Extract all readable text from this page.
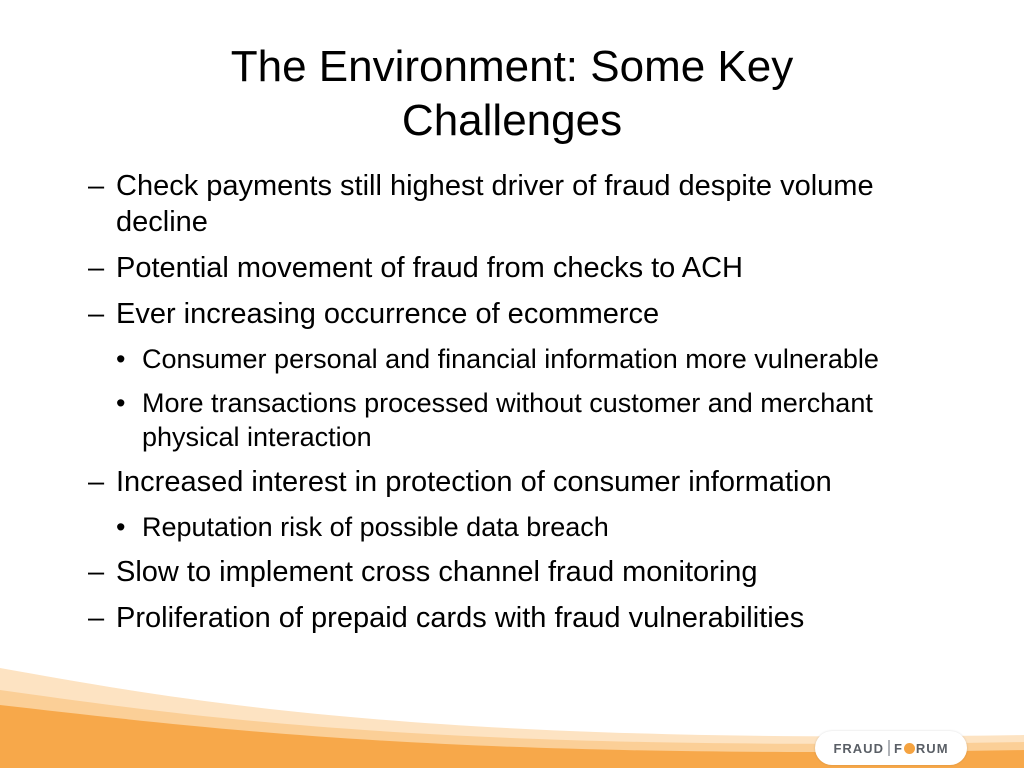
The Environment: Some Key
Challenges
– Check payments still highest driver of fraud despite volume decline
– Potential movement of fraud from checks to ACH
– Ever increasing occurrence of ecommerce
• Consumer personal and financial information more vulnerable
• More transactions processed without customer and merchant physical interaction
– Increased interest in protection of consumer information
• Reputation risk of possible data breach
– Slow to implement cross channel fraud monitoring
– Proliferation of prepaid cards with fraud vulnerabilities
FRAUD F RUM
